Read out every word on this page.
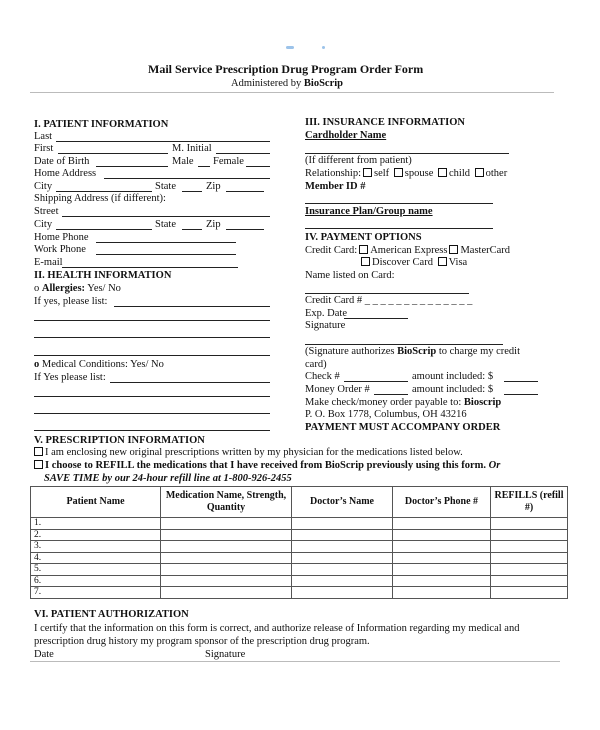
Mail Service Prescription Drug Program Order Form
Administered by BioScrip
I. PATIENT INFORMATION
Last
First	M. Initial
Date of Birth	Male Female
Home Address
City	State	Zip
Shipping Address (if different):
Street
City	State	Zip
Home Phone
Work Phone
E-mail
II. HEALTH INFORMATION
o Allergies: Yes/ No
If yes, please list:
o Medical Conditions: Yes/ No
If Yes please list:
III. INSURANCE INFORMATION
Cardholder Name
(If different from patient)
Relationship: self spouse child other
Member ID #
Insurance Plan/Group name
IV. PAYMENT OPTIONS
Credit Card: American Express MasterCard
Discover Card Visa
Name listed on Card:
Credit Card # _ _ _ _ _ _ _ _ _ _ _ _ _ _
Exp. Date
Signature
(Signature authorizes BioScrip to charge my credit
card)
Check #	amount included: $
Money Order #	amount included: $
Make check/money order payable to: Bioscrip
P. O. Box 1778, Columbus, OH 43216
PAYMENT MUST ACCOMPANY ORDER
V. PRESCRIPTION INFORMATION
I am enclosing new original prescriptions written by my physician for the medications listed below.
I choose to REFILL the medications that I have received from BioScrip previously using this form. Or
SAVE TIME by our 24-hour refill line at 1-800-926-2455
Patient Name	Medication Name, Strength, Quantity	Doctor’s Name	Doctor’s Phone #	REFILLS (refill #)
1.				
2.				
3.				
4.				
5.				
6.				
7.				
VI. PATIENT AUTHORIZATION
I certify that the information on this form is correct, and authorize release of Information regarding my medical and
prescription drug history my program sponsor of the prescription drug program.
Date	Signature
